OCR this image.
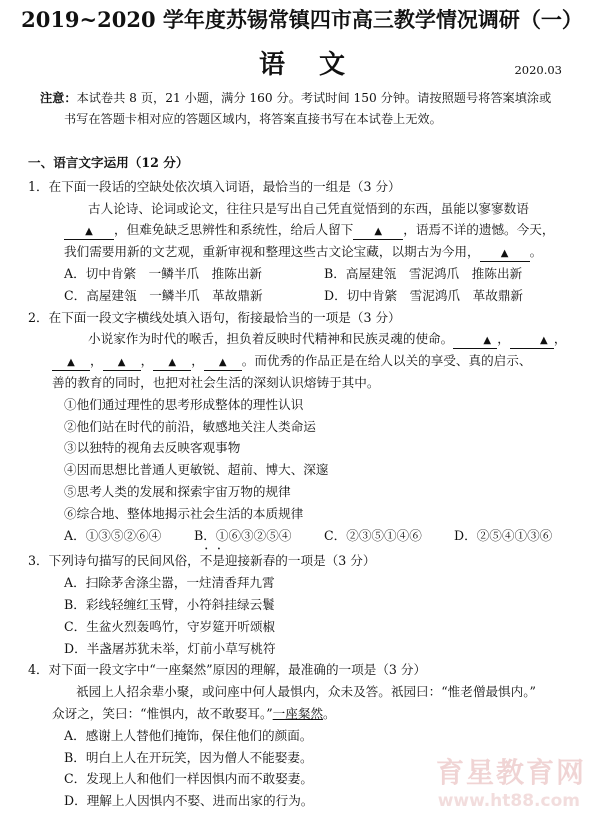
2019~2020 学年度苏锡常镇四市高三教学情况调研（一）
语文	2020.03
注意：本试卷共 8 页，21 小题，满分 160 分。考试时间 150 分钟。请按照题号将答案填涂或
书写在答题卡相对应的答题区域内，将答案直接书写在本试卷上无效。
一、语言文字运用（12 分）
1．在下面一段话的空缺处依次填入词语，最恰当的一组是（3 分）
古人论诗、论词或论文，往往只是写出自己凭直觉悟到的东西，虽能以寥寥数语
▲ ，但难免缺乏思辨性和系统性，给后人留下 ▲ ，语焉不详的遗憾。今天，
我们需要用新的文艺观，重新审视和整理这些古文论宝藏，以期古为今用， ▲ 。
A．切中肯綮　一鳞半爪　推陈出新	B．高屋建瓴　雪泥鸿爪　推陈出新
C．高屋建瓴　一鳞半爪　革故鼎新	D．切中肯綮　雪泥鸿爪　革故鼎新
2．在下面一段文字横线处填入语句，衔接最恰当的一项是（3 分）
小说家作为时代的喉舌，担负着反映时代精神和民族灵魂的使命。	▲ ，	▲ ，
▲ ， ▲ ， ▲ ， ▲ 。而优秀的作品正是在给人以关的享受、真的启示、
善的教育的同时，也把对社会生活的深刻认识熔铸于其中。
①他们通过理性的思考形成整体的理性认识
②他们站在时代的前沿，敏感地关注人类命运
③以独特的视角去反映客观事物
④因而思想比普通人更敏锐、超前、博大、深邃
⑤思考人类的发展和探索宇宙万物的规律
⑥综合地、整体地揭示社会生活的本质规律
A．①③⑤②⑥④	B．①⑥③②⑤④	C．②③⑤①④⑥	D．②⑤④①③⑥
3．下列诗句描写的民间风俗，不是迎接新春的一项是（3 分）
A．扫除茅舍涤尘嚣，一炷清香拜九霄
B．彩线轻缠红玉臂，小符斜挂绿云鬟
C．生盆火烈轰鸣竹，守岁筵开听颂椒
D．半盏屠苏犹未举，灯前小草写桃符
4．对下面一段文字中“一座粲然”原因的理解，最准确的一项是（3 分）
祇园上人招余辈小聚，或问座中何人最惧内，众未及答。祇园曰：“惟老僧最惧内。”
众讶之，笑曰：“惟惧内，故不敢娶耳。”一座粲然。
A．感谢上人替他们掩饰，保住他们的颜面。
B．明白上人在开玩笑，因为僧人不能娶妻。
C．发现上人和他们一样因惧内而不敢娶妻。
D．理解上人因惧内不娶、进而出家的行为。
育星教育网
www.ht88.com
